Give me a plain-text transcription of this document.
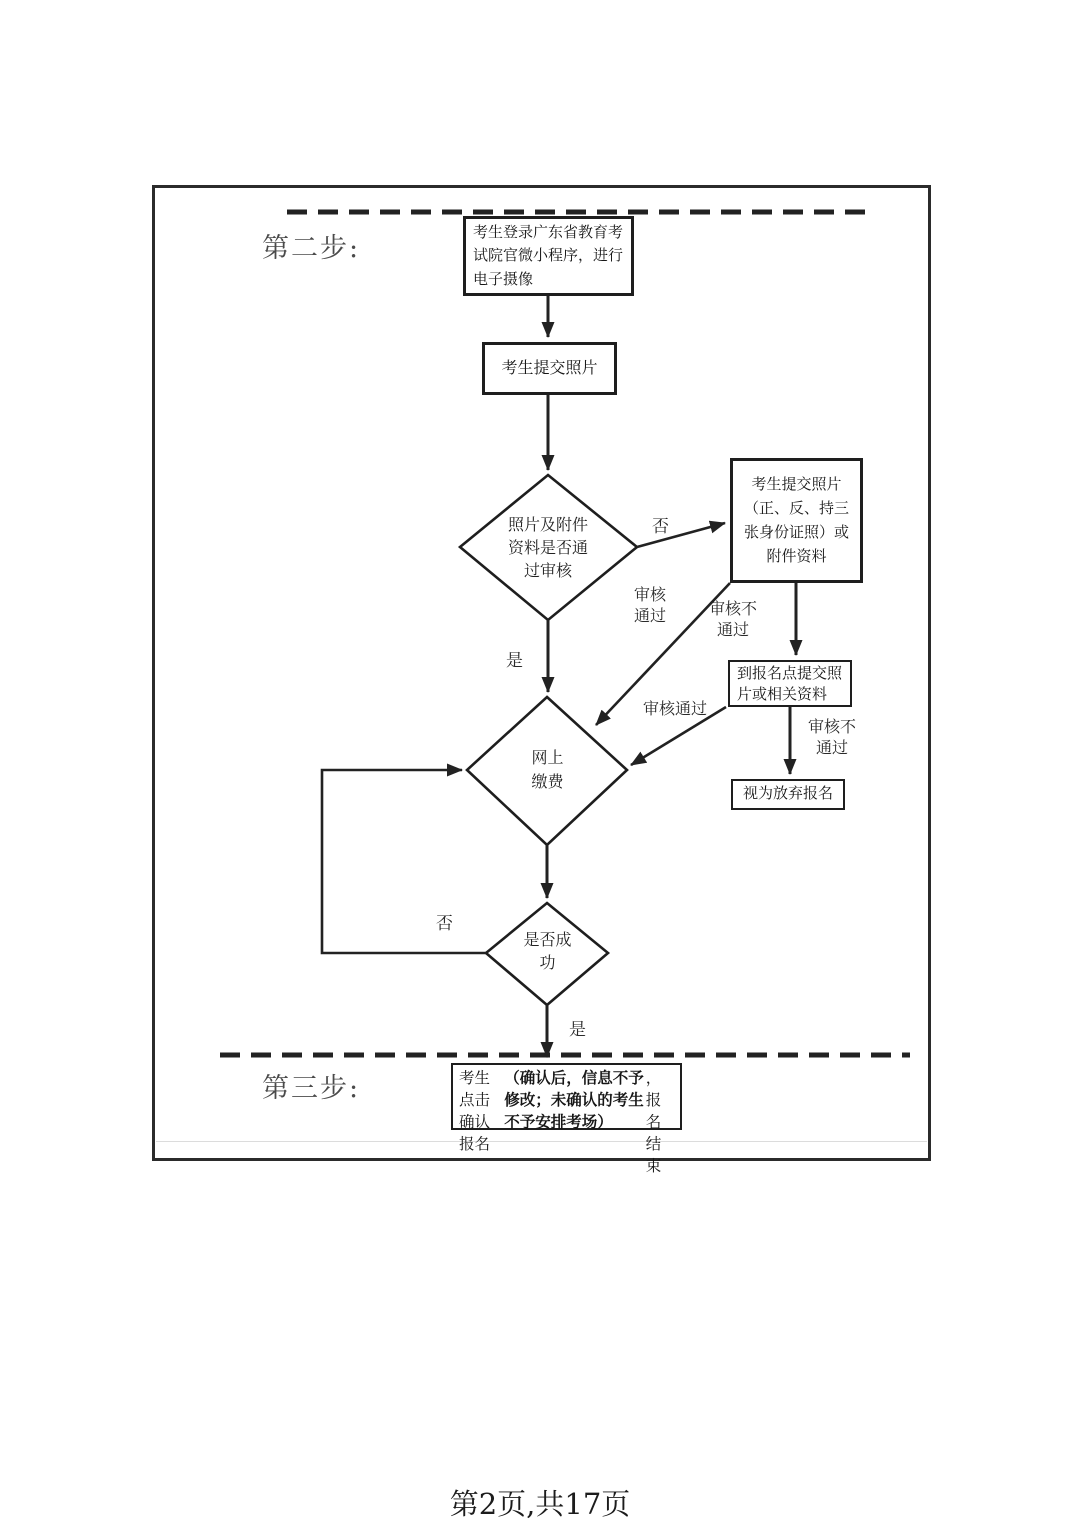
考生登录广东省教育考试院官微小程序，进行电子摄像
考生提交照片
考生提交照片（正、反、持三张身份证照）或附件资料
到报名点提交照片或相关资料
视为放弃报名
考生点击确认报名
（确认后，信息不予修改；未确认的考生不予安排考场）
，报名结束
照片及附件资料是否通过审核
网上缴费
是否成功
否
审核通过
是
审核不通过
审核通过
审核不通过
否
是
第二步:
第三步:
第2页,共17页
